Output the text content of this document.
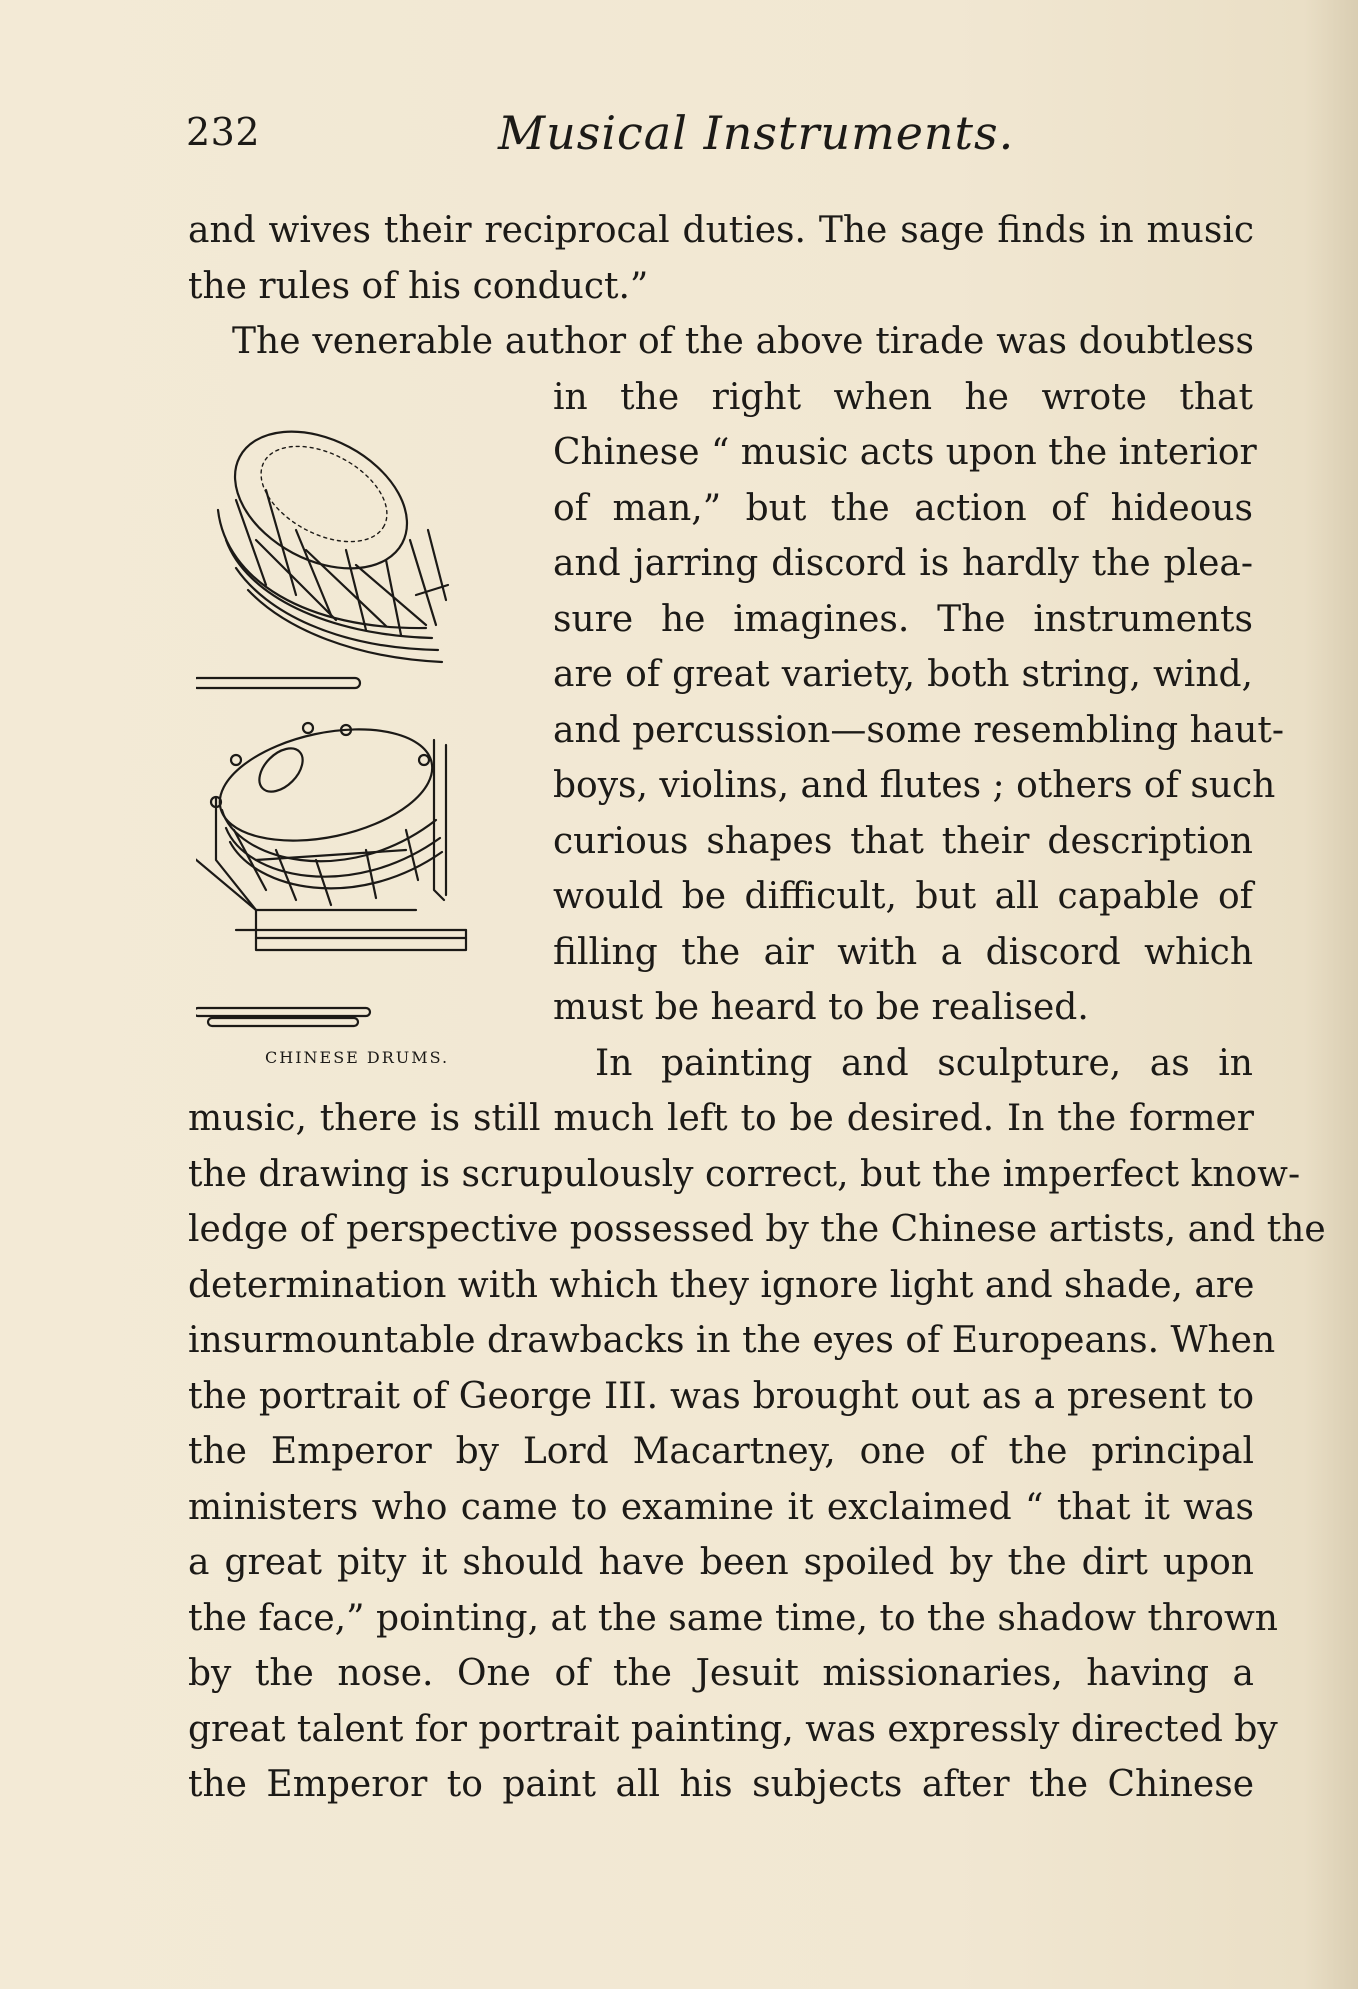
232	Musical Instruments.
and wives their reciprocal duties. The sage finds in music
the rules of his conduct.”
The venerable author of the above tirade was doubtless
in the right when he wrote that
Chinese “ music acts upon the interior
of man,” but the action of hideous
and jarring discord is hardly the plea-
sure he imagines. The instruments
are of great variety, both string, wind,
and percussion—some resembling haut-
boys, violins, and flutes ; others of such
curious shapes that their description
would be difficult, but all capable of
filling the air with a discord which
must be heard to be realised.
In painting and sculpture, as in
music, there is still much left to be desired. In the former
the drawing is scrupulously correct, but the imperfect know-
ledge of perspective possessed by the Chinese artists, and the
determination with which they ignore light and shade, are
insurmountable drawbacks in the eyes of Europeans. When
the portrait of George III. was brought out as a present to
the Emperor by Lord Macartney, one of the principal
ministers who came to examine it exclaimed “ that it was
a great pity it should have been spoiled by the dirt upon
the face,” pointing, at the same time, to the shadow thrown
by the nose. One of the Jesuit missionaries, having a
great talent for portrait painting, was expressly directed by
the Emperor to paint all his subjects after the Chinese
CHINESE DRUMS.
